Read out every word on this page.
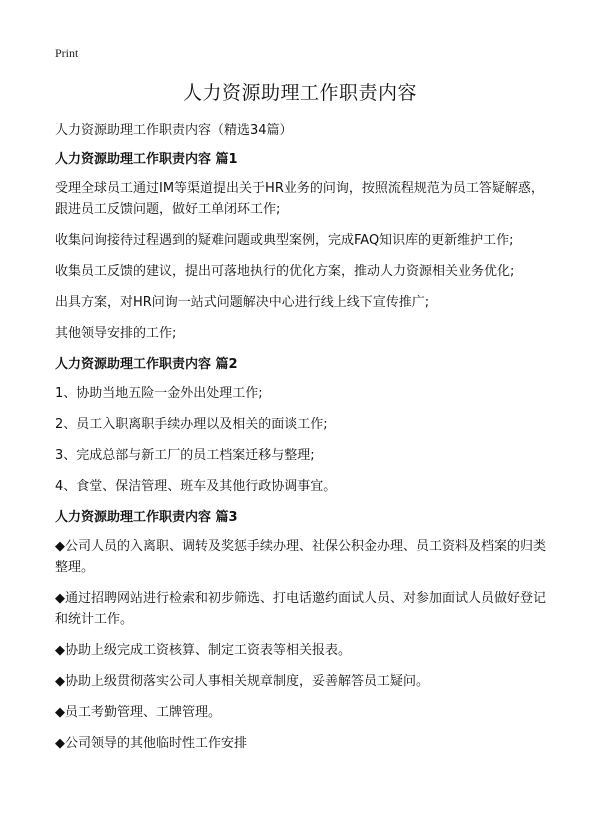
Print
人力资源助理工作职责内容

人力资源助理工作职责内容（精选34篇）

人力资源助理工作职责内容 篇1

受理全球员工通过IM等渠道提出关于HR业务的问询，按照流程规范为员工答疑解惑，跟进员工反馈问题，做好工单闭环工作;

收集问询接待过程遇到的疑难问题或典型案例，完成FAQ知识库的更新维护工作;

收集员工反馈的建议，提出可落地执行的优化方案，推动人力资源相关业务优化;

出具方案，对HR问询一站式问题解决中心进行线上线下宣传推广;

其他领导安排的工作;

人力资源助理工作职责内容 篇2

1、协助当地五险一金外出处理工作;

2、员工入职离职手续办理以及相关的面谈工作;

3、完成总部与新工厂的员工档案迁移与整理;

4、食堂、保洁管理、班车及其他行政协调事宜。

人力资源助理工作职责内容 篇3

◆公司人员的入离职、调转及奖惩手续办理、社保公积金办理、员工资料及档案的归类整理。

◆通过招聘网站进行检索和初步筛选、打电话邀约面试人员、对参加面试人员做好登记和统计工作。

◆协助上级完成工资核算、制定工资表等相关报表。

◆协助上级贯彻落实公司人事相关规章制度，妥善解答员工疑问。

◆员工考勤管理、工牌管理。

◆公司领导的其他临时性工作安排
